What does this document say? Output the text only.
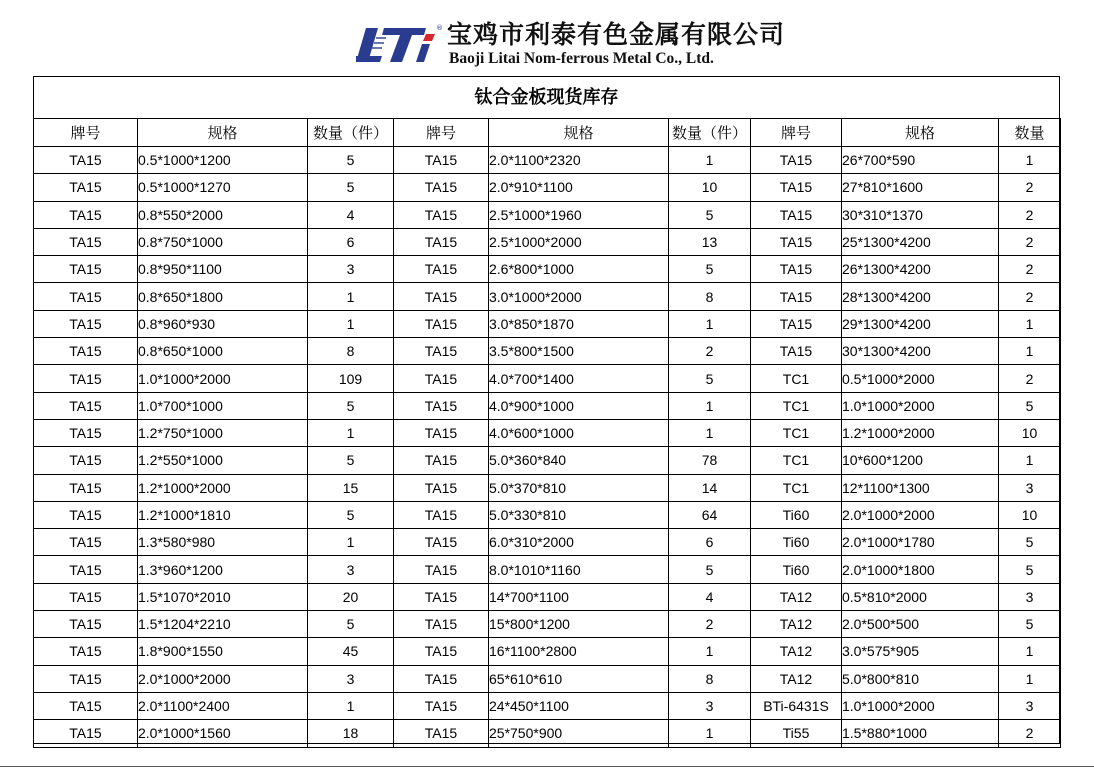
® 宝鸡市利泰有色金属有限公司
Baoji Litai Nom-ferrous Metal Co., Ltd.
钛合金板现货库存
牌号	规格	数量（件）	牌号	规格	数量（件）	牌号	规格	数量
TA15	0.5*1000*1200	5	TA15	2.0*1100*2320	1	TA15	26*700*590	1
TA15	0.5*1000*1270	5	TA15	2.0*910*1100	10	TA15	27*810*1600	2
TA15	0.8*550*2000	4	TA15	2.5*1000*1960	5	TA15	30*310*1370	2
TA15	0.8*750*1000	6	TA15	2.5*1000*2000	13	TA15	25*1300*4200	2
TA15	0.8*950*1100	3	TA15	2.6*800*1000	5	TA15	26*1300*4200	2
TA15	0.8*650*1800	1	TA15	3.0*1000*2000	8	TA15	28*1300*4200	2
TA15	0.8*960*930	1	TA15	3.0*850*1870	1	TA15	29*1300*4200	1
TA15	0.8*650*1000	8	TA15	3.5*800*1500	2	TA15	30*1300*4200	1
TA15	1.0*1000*2000	109	TA15	4.0*700*1400	5	TC1	0.5*1000*2000	2
TA15	1.0*700*1000	5	TA15	4.0*900*1000	1	TC1	1.0*1000*2000	5
TA15	1.2*750*1000	1	TA15	4.0*600*1000	1	TC1	1.2*1000*2000	10
TA15	1.2*550*1000	5	TA15	5.0*360*840	78	TC1	10*600*1200	1
TA15	1.2*1000*2000	15	TA15	5.0*370*810	14	TC1	12*1100*1300	3
TA15	1.2*1000*1810	5	TA15	5.0*330*810	64	Ti60	2.0*1000*2000	10
TA15	1.3*580*980	1	TA15	6.0*310*2000	6	Ti60	2.0*1000*1780	5
TA15	1.3*960*1200	3	TA15	8.0*1010*1160	5	Ti60	2.0*1000*1800	5
TA15	1.5*1070*2010	20	TA15	14*700*1100	4	TA12	0.5*810*2000	3
TA15	1.5*1204*2210	5	TA15	15*800*1200	2	TA12	2.0*500*500	5
TA15	1.8*900*1550	45	TA15	16*1100*2800	1	TA12	3.0*575*905	1
TA15	2.0*1000*2000	3	TA15	65*610*610	8	TA12	5.0*800*810	1
TA15	2.0*1100*2400	1	TA15	24*450*1100	3	BTi-6431S	1.0*1000*2000	3
TA15	2.0*1000*1560	18	TA15	25*750*900	1	Ti55	1.5*880*1000	2
